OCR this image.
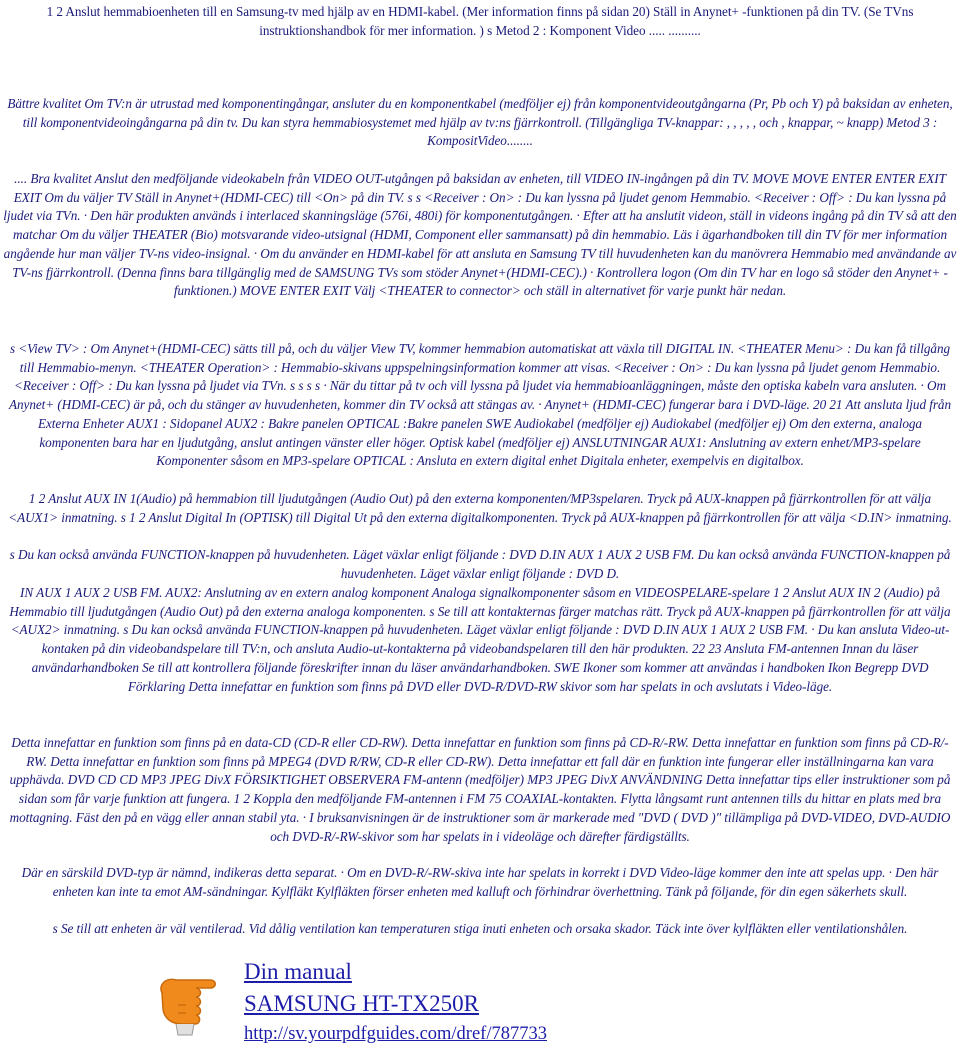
1 2 Anslut hemmabioenheten till en Samsung-tv med hjälp av en HDMI-kabel. (Mer information finns på sidan 20) Ställ in Anynet+ -funktionen på din TV. (Se TVns instruktionshandbok för mer information. ) s Metod 2 : Komponent Video ..... ..........

Bättre kvalitet Om TV:n är utrustad med komponentingångar, ansluter du en komponentkabel (medföljer ej) från komponentvideoutgångarna (Pr, Pb och Y) på baksidan av enheten, till komponentvideoingångarna på din tv. Du kan styra hemmabiosystemet med hjälp av tv:ns fjärrkontroll. (Tillgängliga TV-knappar: , , , , , och , knappar, ~ knapp) Metod 3 : KompositVideo........

.... Bra kvalitet Anslut den medföljande videokabeln från VIDEO OUT-utgången på baksidan av enheten, till VIDEO IN-ingången på din TV. MOVE MOVE ENTER ENTER EXIT EXIT Om du väljer TV Ställ in Anynet+(HDMI-CEC) till <On> på din TV. s s <Receiver : On> : Du kan lyssna på ljudet genom Hemmabio. <Receiver : Off> : Du kan lyssna på ljudet via TVn. · Den här produkten används i interlaced skanningsläge (576i, 480i) för komponentutgången. · Efter att ha anslutit videon, ställ in videons ingång på din TV så att den matchar Om du väljer THEATER (Bio) motsvarande video-utsignal (HDMI, Component eller sammansatt) på din hemmabio. Läs i ägarhandboken till din TV för mer information angående hur man väljer TV-ns video-insignal. · Om du använder en HDMI-kabel för att ansluta en Samsung TV till huvudenheten kan du manövrera Hemmabio med användande av TV-ns fjärrkontroll. (Denna finns bara tillgänglig med de SAMSUNG TVs som stöder Anynet+(HDMI-CEC).) · Kontrollera logon (Om din TV har en logo så stöder den Anynet+ -funktionen.) MOVE ENTER EXIT Välj <THEATER to connector> och ställ in alternativet för varje punkt här nedan.

s <View TV> : Om Anynet+(HDMI-CEC) sätts till på, och du väljer View TV, kommer hemmabion automatiskat att växla till DIGITAL IN. <THEATER Menu> : Du kan få tillgång till Hemmabio-menyn. <THEATER Operation> : Hemmabio-skivans uppspelningsinformation kommer att visas. <Receiver : On> : Du kan lyssna på ljudet genom Hemmabio. <Receiver : Off> : Du kan lyssna på ljudet via TVn. s s s s · När du tittar på tv och vill lyssna på ljudet via hemmabioanläggningen, måste den optiska kabeln vara ansluten. · Om Anynet+ (HDMI-CEC) är på, och du stänger av huvudenheten, kommer din TV också att stängas av. · Anynet+ (HDMI-CEC) fungerar bara i DVD-läge. 20 21 Att ansluta ljud från Externa Enheter AUX1 : Sidopanel AUX2 : Bakre panelen OPTICAL :Bakre panelen SWE Audiokabel (medföljer ej) Audiokabel (medföljer ej) Om den externa, analoga komponenten bara har en ljudutgång, anslut antingen vänster eller höger. Optisk kabel (medföljer ej) ANSLUTNINGAR AUX1: Anslutning av extern enhet/MP3-spelare Komponenter såsom en MP3-spelare OPTICAL : Ansluta en extern digital enhet Digitala enheter, exempelvis en digitalbox.

1 2 Anslut AUX IN 1(Audio) på hemmabion till ljudutgången (Audio Out) på den externa komponenten/MP3spelaren. Tryck på AUX-knappen på fjärrkontrollen för att välja <AUX1> inmatning. s 1 2 Anslut Digital In (OPTISK) till Digital Ut på den externa digitalkomponenten. Tryck på AUX-knappen på fjärrkontrollen för att välja <D.IN> inmatning.

s Du kan också använda FUNCTION-knappen på huvudenheten. Läget växlar enligt följande : DVD D.IN AUX 1 AUX 2 USB FM. Du kan också använda FUNCTION-knappen på huvudenheten. Läget växlar enligt följande : DVD D.

IN AUX 1 AUX 2 USB FM. AUX2: Anslutning av en extern analog komponent Analoga signalkomponenter såsom en VIDEOSPELARE-spelare 1 2 Anslut AUX IN 2 (Audio) på Hemmabio till ljudutgången (Audio Out) på den externa analoga komponenten. s Se till att kontakternas färger matchas rätt. Tryck på AUX-knappen på fjärrkontrollen för att välja <AUX2> inmatning. s Du kan också använda FUNCTION-knappen på huvudenheten. Läget växlar enligt följande : DVD D.IN AUX 1 AUX 2 USB FM. · Du kan ansluta Video-ut-kontaken på din videobandspelare till TV:n, och ansluta Audio-ut-kontakterna på videobandspelaren till den här produkten. 22 23 Ansluta FM-antennen Innan du läser användarhandboken Se till att kontrollera följande föreskrifter innan du läser användarhandboken. SWE Ikoner som kommer att användas i handboken Ikon Begrepp DVD Förklaring Detta innefattar en funktion som finns på DVD eller DVD-R/DVD-RW skivor som har spelats in och avslutats i Video-läge.

Detta innefattar en funktion som finns på en data-CD (CD-R eller CD-RW). Detta innefattar en funktion som finns på CD-R/-RW. Detta innefattar en funktion som finns på CD-R/-RW. Detta innefattar en funktion som finns på MPEG4 (DVD R/RW, CD-R eller CD-RW). Detta innefattar ett fall där en funktion inte fungerar eller inställningarna kan vara upphävda. DVD CD CD MP3 JPEG DivX FÖRSIKTIGHET OBSERVERA FM-antenn (medföljer) MP3 JPEG DivX ANVÄNDNING Detta innefattar tips eller instruktioner som på sidan som får varje funktion att fungera. 1 2 Koppla den medföljande FM-antennen i FM 75 COAXIAL-kontakten. Flytta långsamt runt antennen tills du hittar en plats med bra mottagning. Fäst den på en vägg eller annan stabil yta. · I bruksanvisningen är de instruktioner som är markerade med "DVD ( DVD )" tillämpliga på DVD-VIDEO, DVD-AUDIO och DVD-R/-RW-skivor som har spelats in i videoläge och därefter färdigställts.

Där en särskild DVD-typ är nämnd, indikeras detta separat. · Om en DVD-R/-RW-skiva inte har spelats in korrekt i DVD Video-läge kommer den inte att spelas upp. · Den här enheten kan inte ta emot AM-sändningar. Kylfläkt Kylfläkten förser enheten med kalluft och förhindrar överhettning. Tänk på följande, för din egen säkerhets skull.

s Se till att enheten är väl ventilerad. Vid dålig ventilation kan temperaturen stiga inuti enheten och orsaka skador. Täck inte över kylfläkten eller ventilationshålen.

Din manual
SAMSUNG HT-TX250R
http://sv.yourpdfguides.com/dref/787733
